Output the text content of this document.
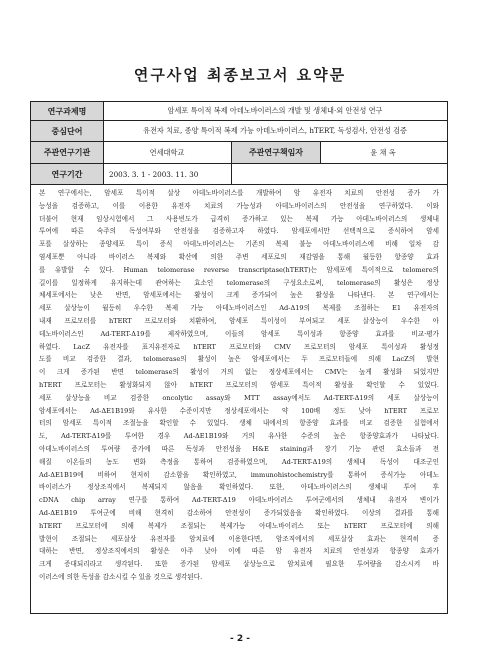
연구사업 최종보고서 요약문
연구과제명	암세포 특이적 복제 아데노바이러스의 개발 및 생체내·외 안전성 연구
중심단어	유전자 치료, 종양 특이적 복제 가능 아데노바이러스, hTERT, 독성검사, 안전성 검증
주관연구기관	연세대학교	주관연구책임자	윤 채 옥
연구기간	2003. 3. 1 - 2003. 11. 30
본 연구에서는, 암세포 특이적 살상 아데노바이러스를 개발하여 암 유전자 치료의 안전성 증가 가
능성을 검증하고, 이를 이용한 유전자 치료의 가능성과 아데노바이러스의 안전성을 연구하였다. 이와
더불어 현재 임상시험에서 그 사용빈도가 급격히 증가하고 있는 복제 가능 아데노바이러스의 생체내
투여에 따른 숙주의 독성여부와 안전성을 검증하고자 하였다. 암세포에서만 선택적으로 증식하여 암세
포를 살상하는 종양세포 특이 증식 아데노바이러스는 기존의 복제 불능 아데노바이러스에 비해 일차 감
염세포뿐 아니라 바이러스 복제와 확산에 의한 주변 세포로의 재감염을 통해 월등한 항종양 효과
를 유발할 수 있다. Human telomerase reverse transcriptase(hTERT)는 암세포에 특이적으로 telomere의
길이를 일정하게 유지하는데 관여하는 효소인 telomerase의 구성요소로써, telomerase의 활성은 정상
체세포에서는 낮은 반면, 암세포에서는 활성이 크게 증가되어 높은 활성을 나타낸다. 본 연구에서는
세포 살상능이 월등히 우수한 복제 가능 아데노바이러스인 Ad-Δ19의 복제를 조절하는 E1 유전자의
내재 프로모터를 hTERT 프로모터와 치환하여, 암세포 특이성이 부여되고 세포 살상능이 우수한 아
데노바이러스인 Ad-TERT-Δ19를 제작하였으며, 이들의 암세포 특이성과 항종양 효과를 비교·평가
하였다. LacZ 유전자를 표지유전자로 hTERT 프로모터와 CMV 프로모터의 암세포 특이성과 활성정
도를 비교 검증한 결과, telomerase의 활성이 높은 암세포에서는 두 프로모터들에 의해 LacZ의 발현
이 크게 증가된 반면 telomerase의 활성이 거의 없는 정상세포에서는 CMV는 높게 활성화 되었지만
hTERT 프로모터는 활성화되지 않아 hTERT 프로모터의 암세포 특이적 활성을 확인할 수 있었다.
세포 살상능을 비교 검증한 oncolytic assay와 MTT assay에서도 Ad-TERT-Δ19의 세포 살상능이
암세포에서는 Ad-ΔE1B19와 유사한 수준이지만 정상세포에서는 약 100배 정도 낮아 hTERT 프로모
터의 암세포 특이적 조절능을 확인할 수 있었다. 생체 내에서의 항종양 효과를 비교 검증한 실험에서
도, Ad-TERT-Δ19를 투여한 경우 Ad-ΔE1B19와 거의 유사한 수준의 높은 항종양효과가 나타났다.
아데노바이러스의 투여량 증가에 따른 독성과 안전성을 H&E staining과 장기 기능 관련 효소들과 전
해질 이온들의 농도 변화 측정을 통하여 검증하였으며, Ad-TERT-Δ19의 생체내 독성이 대조군인
Ad-ΔE1B19에 비하여 현저히 감소함을 확인하였고, immunohistochemistry를 통하여 증식가능 아데노
바이러스가 정상조직에서 복제되지 않음을 확인하였다. 또한, 아데노바이러스의 생체내 투여 후
cDNA chip array 연구를 통하여 Ad-TERT-Δ19 아데노바이러스 투여군에서의 생체내 유전자 변이가
Ad-ΔE1B19 투여군에 비해 현격히 감소하여 안전성이 증가되었음을 확인하였다. 이상의 결과를 통해
hTERT 프로모터에 의해 복제가 조절되는 복제가능 아데노바이러스 또는 hTERT 프로모터에 의해
발현이 조절되는 세포살상 유전자를 암치료에 이용한다면, 암조직에서의 세포살상 효과는 현격히 증
대하는 반면, 정상조직에서의 활성은 아주 낮아 이에 따른 암 유전자 치료의 안전성과 항종양 효과가
크게 증대되리라고 생각된다. 또한 증가된 암세포 살상능으로 암치료에 필요한 투여량을 감소시켜 바
이러스에 의한 독성을 감소시킬 수 있을 것으로 생각된다.
- 2 -
